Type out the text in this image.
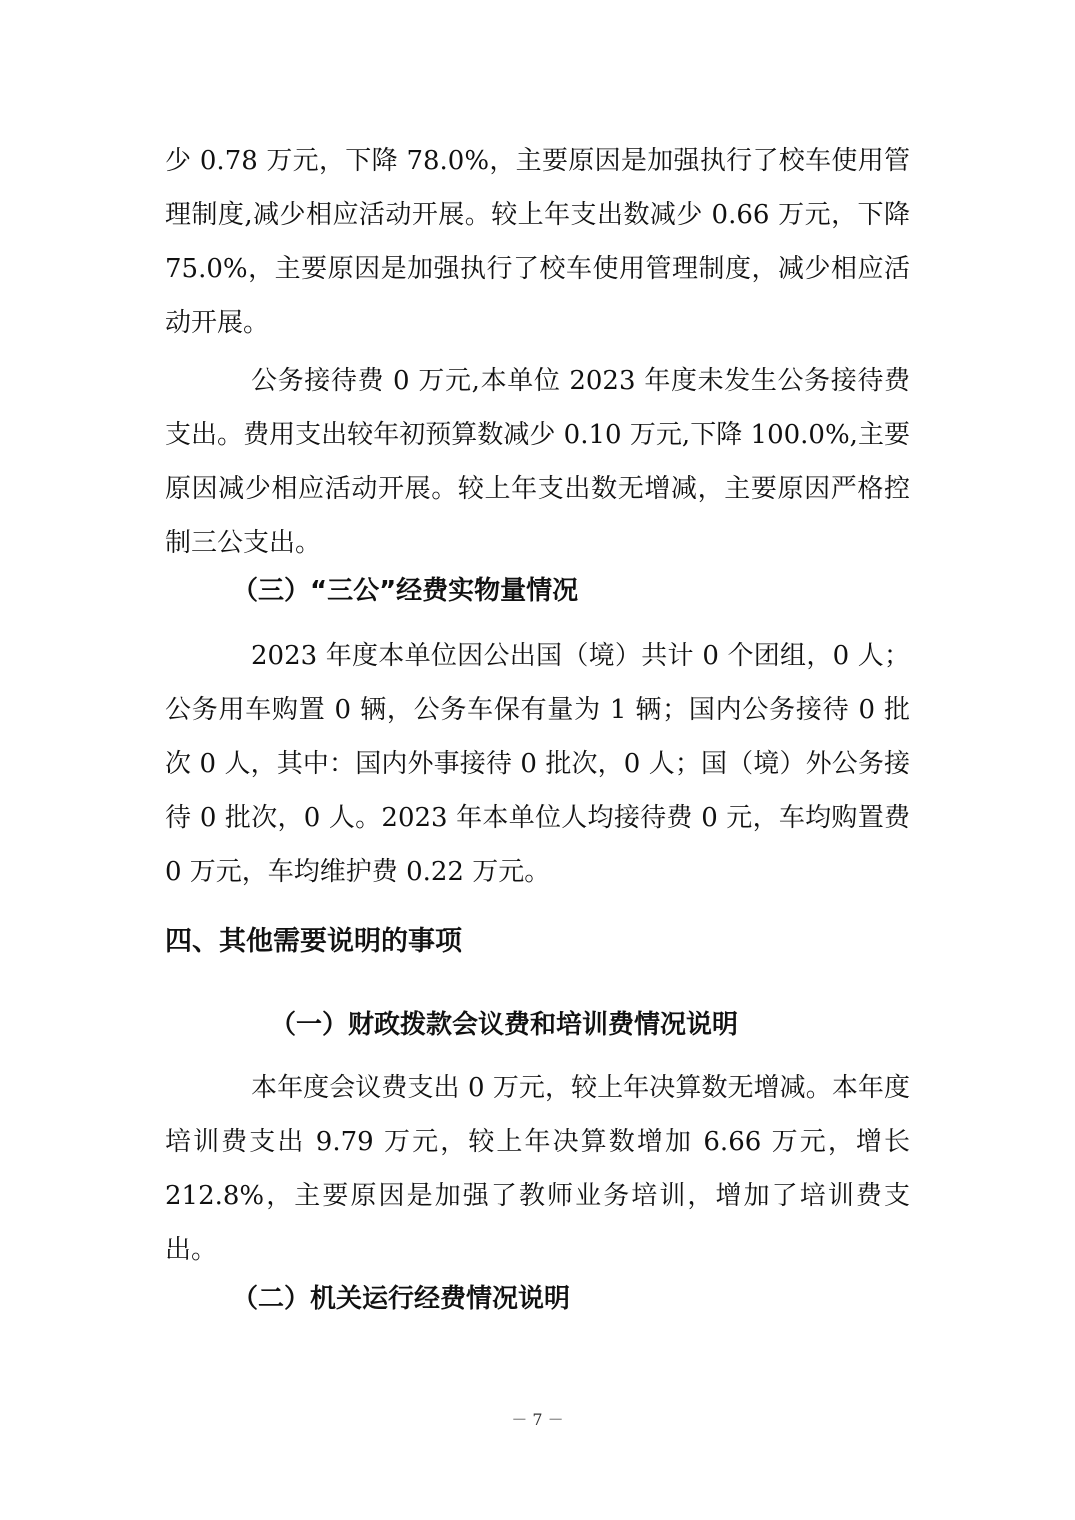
少 0.78 万元，下降 78.0%，主要原因是加强执行了校车使用管理制度,减少相应活动开展。较上年支出数减少 0.66 万元，下降 75.0%，主要原因是加强执行了校车使用管理制度，减少相应活动开展。

公务接待费 0 万元,本单位 2023 年度未发生公务接待费支出。费用支出较年初预算数减少 0.10 万元,下降 100.0%,主要原因减少相应活动开展。较上年支出数无增减，主要原因严格控制三公支出。

（三）“三公”经费实物量情况

2023 年度本单位因公出国（境）共计 0 个团组，0 人；公务用车购置 0 辆，公务车保有量为 1 辆；国内公务接待 0 批次 0 人，其中：国内外事接待 0 批次，0 人；国（境）外公务接待 0 批次，0 人。2023 年本单位人均接待费 0 元，车均购置费 0 万元，车均维护费 0.22 万元。

四、其他需要说明的事项
（一）财政拨款会议费和培训费情况说明

本年度会议费支出 0 万元，较上年决算数无增减。本年度培训费支出 9.79 万元，较上年决算数增加 6.66 万元，增长 212.8%，主要原因是加强了教师业务培训，增加了培训费支出。

（二）机关运行经费情况说明
－ 7 －
